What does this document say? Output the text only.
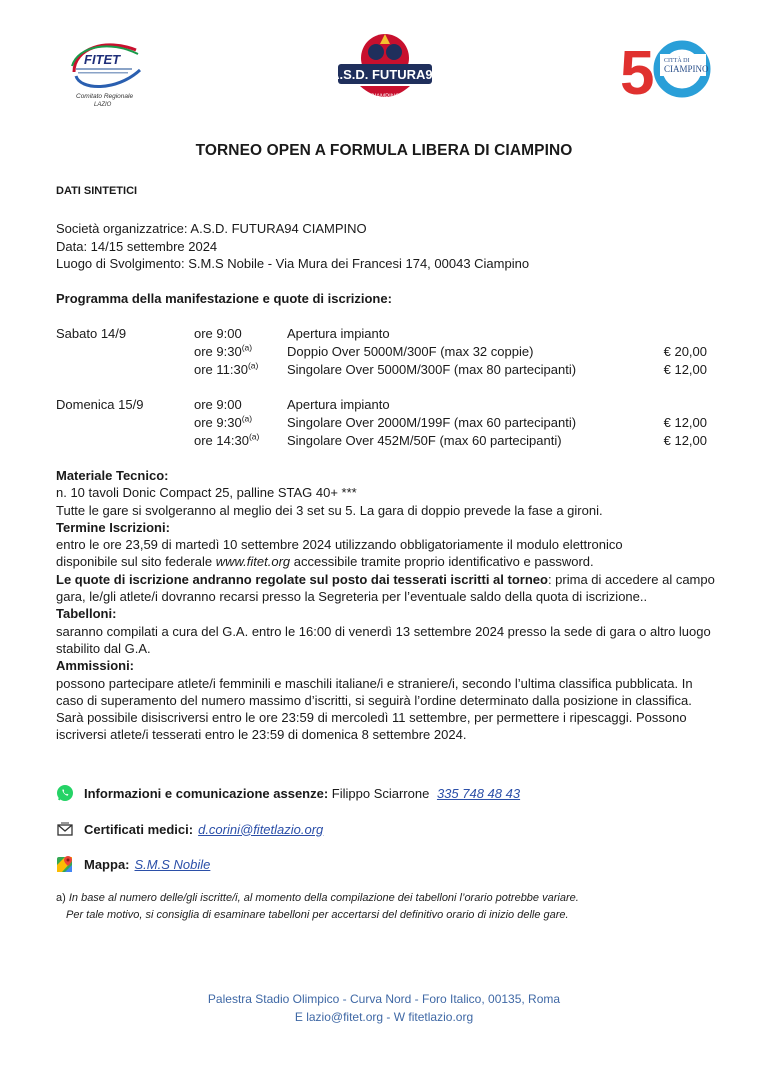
FITET
Comitato Regionale
LAZIO
A.S.D. FUTURA94
CIAMPINO	5 CITTÀ DI
CIAMPINO
TORNEO OPEN A FORMULA LIBERA DI CIAMPINO
DATI SINTETICI
Società organizzatrice: A.S.D. FUTURA94 CIAMPINO
Data: 14/15 settembre 2024
Luogo di Svolgimento: S.M.S Nobile - Via Mura dei Francesi 174, 00043 Ciampino
Programma della manifestazione e quote di iscrizione:
Sabato 14/9	ore 9:00	Apertura impianto
ore 9:30$^{(a)}$	Doppio Over 5000M/300F (max 32 coppie)	€ 20,00
ore 11:30$^{(a)}$ Singolare Over 5000M/300F (max 80 partecipanti)	€ 12,00
Domenica 15/9	ore 9:00	Apertura impianto
ore 9:30$^{(a)}$	Singolare Over 2000M/199F (max 60 partecipanti)	€ 12,00
ore 14:30$^{(a)}$ Singolare Over 452M/50F (max 60 partecipanti)	€ 12,00

Materiale Tecnico:

n. 10 tavoli Donic Compact 25, palline STAG 40+ ***

Tutte le gare si svolgeranno al meglio dei 3 set su 5. La gara di doppio prevede la fase a gironi.

Termine Iscrizioni:

entro le ore 23,59 di martedì 10 settembre 2024 utilizzando obbligatoriamente il modulo elettronico

disponibile sul sito federale www.fitet.org accessibile tramite proprio identificativo e password.

Le quote di iscrizione andranno regolate sul posto dai tesserati iscritti al torneo: prima di accedere al campo gara, le/gli atlete/i dovranno recarsi presso la Segreteria per l’eventuale saldo della quota di iscrizione..

Tabelloni:

saranno compilati a cura del G.A. entro le 16:00 di venerdì 13 settembre 2024 presso la sede di gara o altro luogo stabilito dal G.A.

Ammissioni:

possono partecipare atlete/i femminili e maschili italiane/i e straniere/i, secondo l’ultima classifica pubblicata. In caso di superamento del numero massimo d’iscritti, si seguirà l’ordine determinato dalla posizione in classifica. Sarà possibile disiscriversi entro le ore 23:59 di mercoledì 11 settembre, per permettere i ripescaggi. Possono iscriversi atlete/i tesserati entro le 23:59 di domenica 8 settembre 2024.

Informazioni e comunicazione assenze: Filippo Sciarrone 335 748 48 43
Certificati medici: d.corini@fitetlazio.org
Mappa: S.M.S Nobile
a) In base al numero delle/gli iscritte/i, al momento della compilazione dei tabelloni l’orario potrebbe variare.
Per tale motivo, si consiglia di esaminare tabelloni per accertarsi del definitivo orario di inizio delle gare.
Palestra Stadio Olimpico - Curva Nord - Foro Italico, 00135, Roma
E lazio@fitet.org - W fitetlazio.org
